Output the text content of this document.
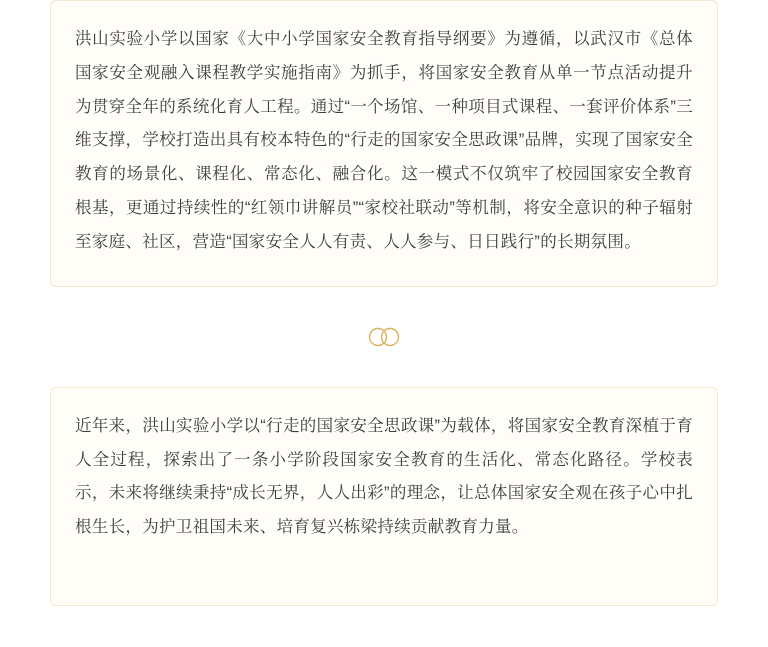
洪山实验小学以国家《大中小学国家安全教育指导纲要》为遵循，以武汉市《总体国家安全观融入课程教学实施指南》为抓手，将国家安全教育从单一节点活动提升为贯穿全年的系统化育人工程。通过“一个场馆、一种项目式课程、一套评价体系”三维支撑，学校打造出具有校本特色的“行走的国家安全思政课”品牌，实现了国家安全教育的场景化、课程化、常态化、融合化。这一模式不仅筑牢了校园国家安全教育根基，更通过持续性的“红领巾讲解员”“家校社联动”等机制，将安全意识的种子辐射至家庭、社区，营造“国家安全人人有责、人人参与、日日践行”的长期氛围。

近年来，洪山实验小学以“行走的国家安全思政课”为载体，将国家安全教育深植于育人全过程，探索出了一条小学阶段国家安全教育的生活化、常态化路径。学校表示，未来将继续秉持“成长无界，人人出彩”的理念，让总体国家安全观在孩子心中扎根生长，为护卫祖国未来、培育复兴栋梁持续贡献教育力量。
